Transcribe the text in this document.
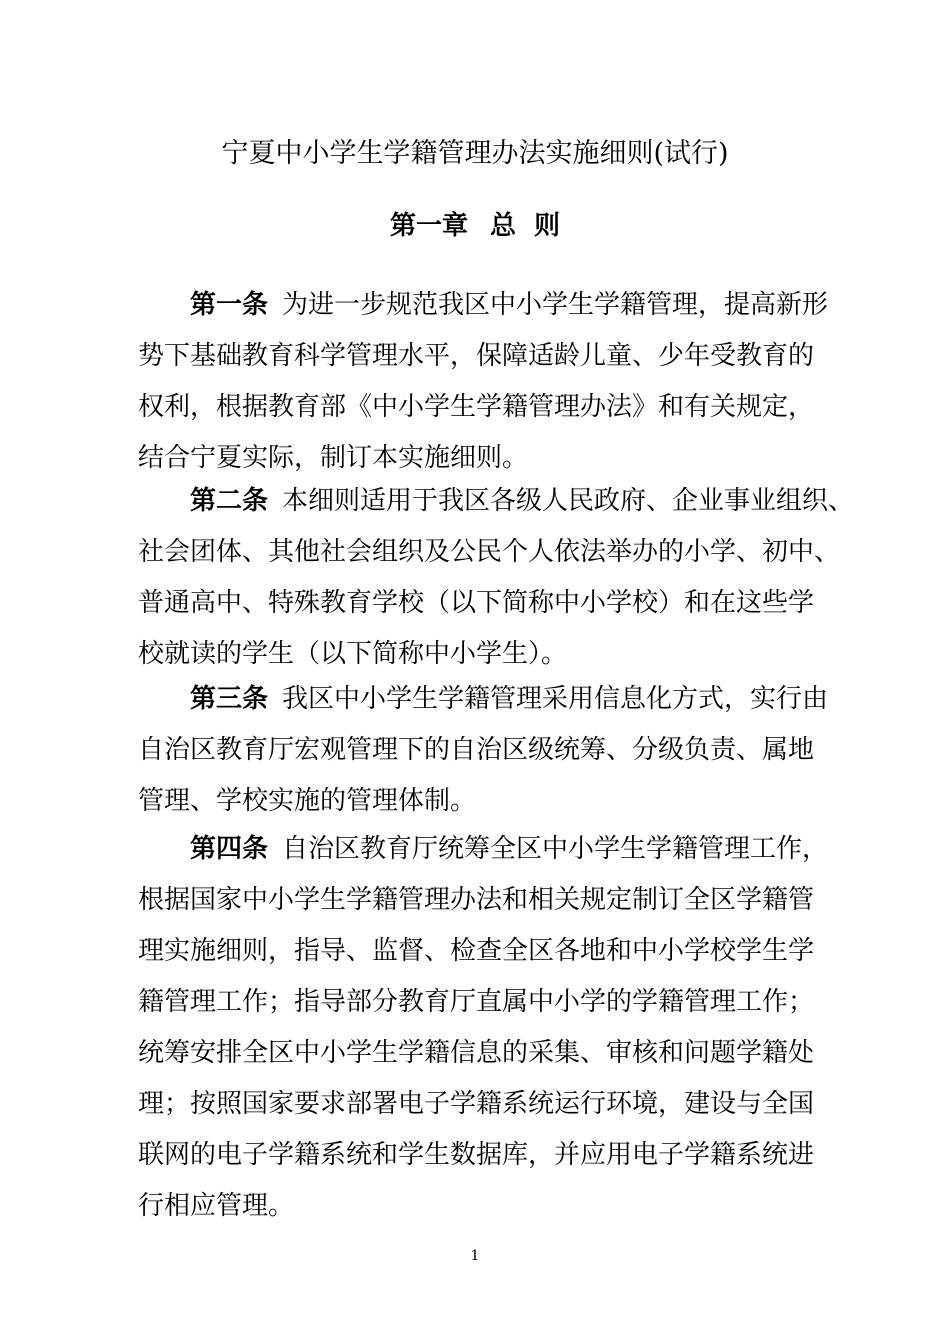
宁夏中小学生学籍管理办法实施细则(试行)
第一章 总  则
第一条 为进一步规范我区中小学生学籍管理，提高新形
势下基础教育科学管理水平，保障适龄儿童、少年受教育的
权利，根据教育部《中小学生学籍管理办法》和有关规定，
结合宁夏实际，制订本实施细则。
第二条 本细则适用于我区各级人民政府、企业事业组织、
社会团体、其他社会组织及公民个人依法举办的小学、初中、
普通高中、特殊教育学校（以下简称中小学校）和在这些学
校就读的学生（以下简称中小学生）。
第三条 我区中小学生学籍管理采用信息化方式，实行由
自治区教育厅宏观管理下的自治区级统筹、分级负责、属地
管理、学校实施的管理体制。
第四条 自治区教育厅统筹全区中小学生学籍管理工作，
根据国家中小学生学籍管理办法和相关规定制订全区学籍管
理实施细则，指导、监督、检查全区各地和中小学校学生学
籍管理工作；指导部分教育厅直属中小学的学籍管理工作；
统筹安排全区中小学生学籍信息的采集、审核和问题学籍处
理；按照国家要求部署电子学籍系统运行环境，建设与全国
联网的电子学籍系统和学生数据库，并应用电子学籍系统进
行相应管理。
1
